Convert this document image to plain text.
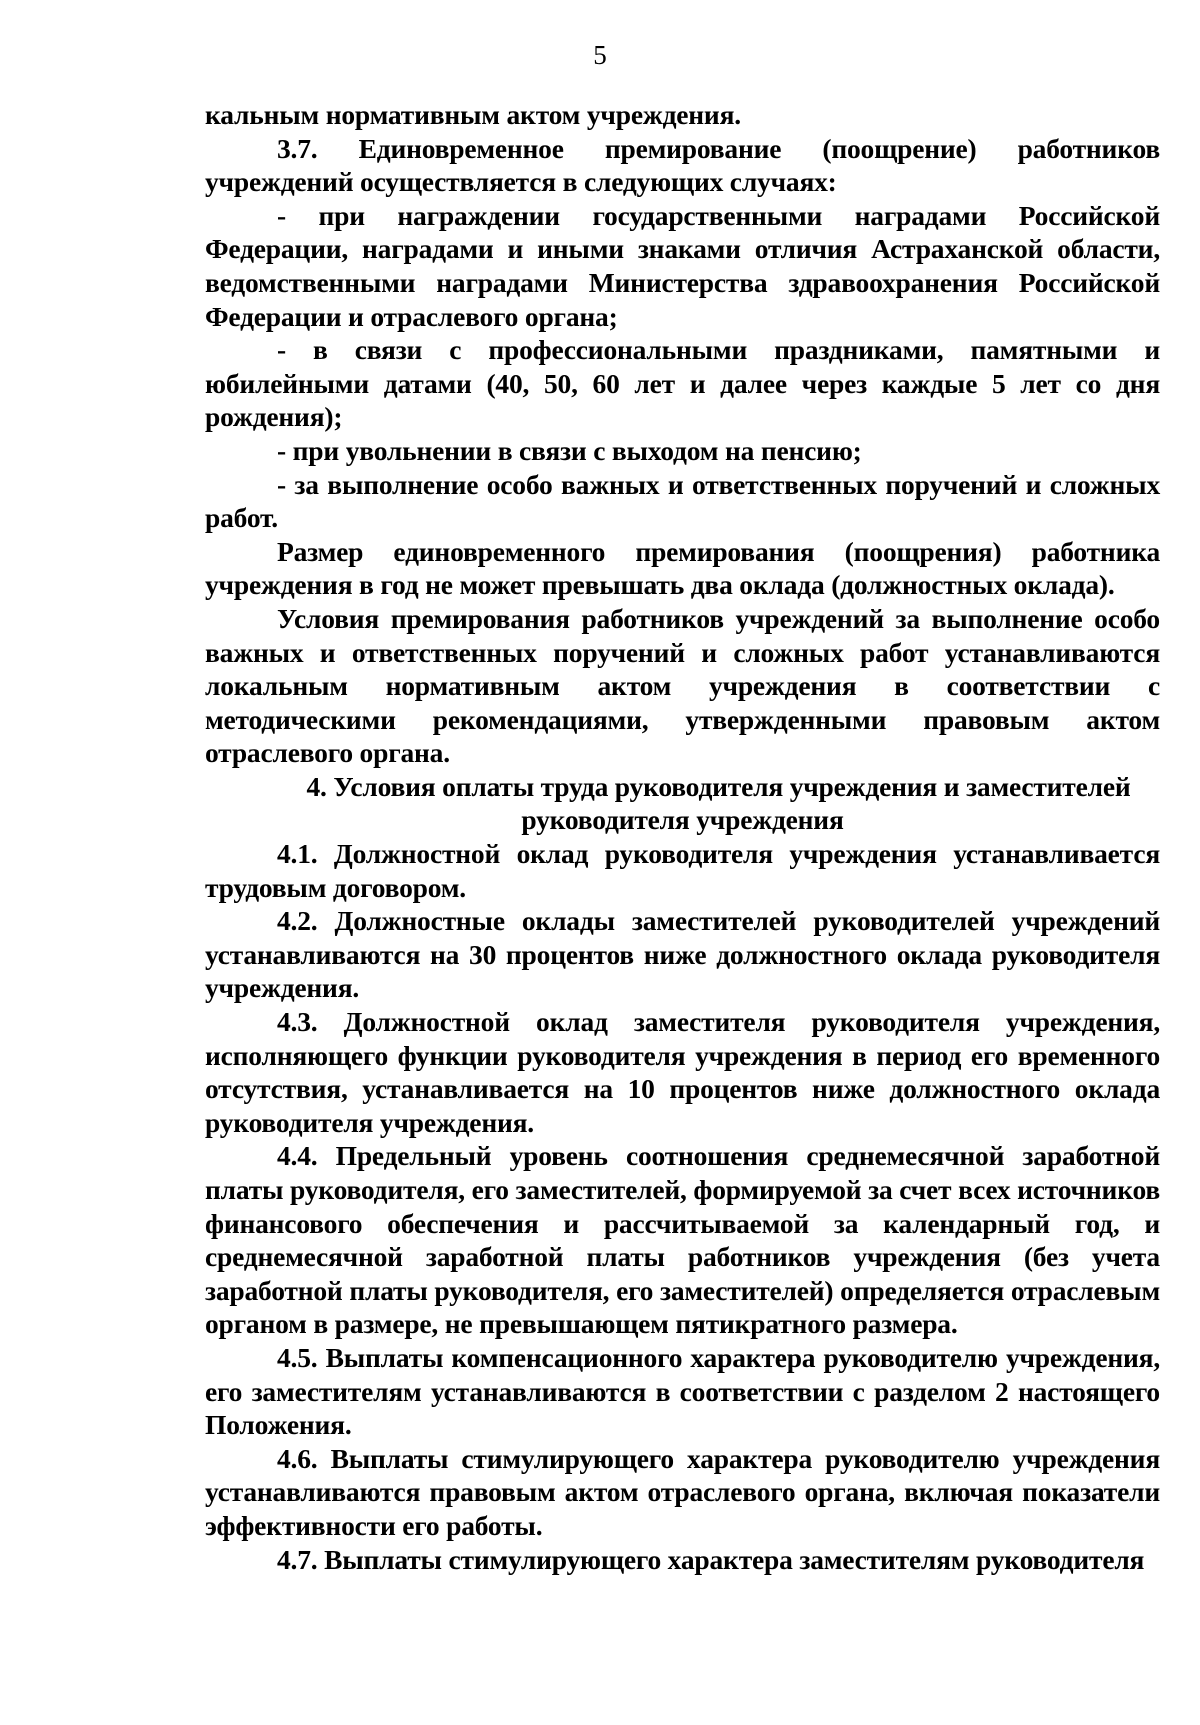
5

кальным нормативным актом учреждения.

3.7. Единовременное премирование (поощрение) работников учреждений осуществляется в следующих случаях:

- при награждении государственными наградами Российской Федерации, наградами и иными знаками отличия Астраханской области, ведомственными наградами Министерства здравоохранения Российской Федерации и отраслевого органа;

- в связи с профессиональными праздниками, памятными и юбилейными датами (40, 50, 60 лет и далее через каждые 5 лет со дня рождения);

- при увольнении в связи с выходом на пенсию;

- за выполнение особо важных и ответственных поручений и сложных работ.

Размер единовременного премирования (поощрения) работника учреждения в год не может превышать два оклада (должностных оклада).

Условия премирования работников учреждений за выполнение особо важных и ответственных поручений и сложных работ устанавливаются локальным нормативным актом учреждения в соответствии с методическими рекомендациями, утвержденными правовым актом отраслевого органа.

4. Условия оплаты труда руководителя учреждения и заместителей руководителя учреждения

4.1. Должностной оклад руководителя учреждения устанавливается трудовым договором.

4.2. Должностные оклады заместителей руководителей учреждений устанавливаются на 30 процентов ниже должностного оклада руководителя учреждения.

4.3. Должностной оклад заместителя руководителя учреждения, исполняющего функции руководителя учреждения в период его временного отсутствия, устанавливается на 10 процентов ниже должностного оклада руководителя учреждения.

4.4. Предельный уровень соотношения среднемесячной заработной платы руководителя, его заместителей, формируемой за счет всех источников финансового обеспечения и рассчитываемой за календарный год, и среднемесячной заработной платы работников учреждения (без учета заработной платы руководителя, его заместителей) определяется отраслевым органом в размере, не превышающем пятикратного размера.

4.5. Выплаты компенсационного характера руководителю учреждения, его заместителям устанавливаются в соответствии с разделом 2 настоящего Положения.

4.6. Выплаты стимулирующего характера руководителю учреждения устанавливаются правовым актом отраслевого органа, включая показатели эффективности его работы.

4.7. Выплаты стимулирующего характера заместителям руководителя
